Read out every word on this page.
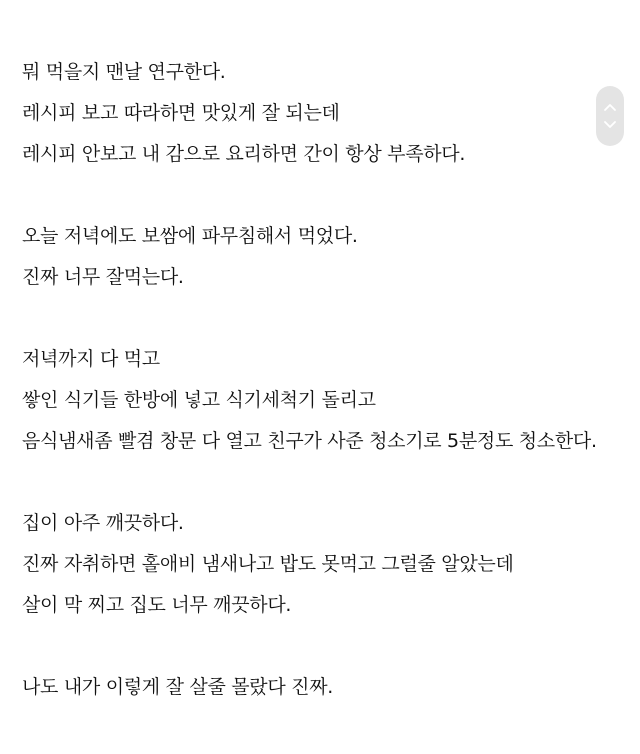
뭐 먹을지 맨날 연구한다.
레시피 보고 따라하면 맛있게 잘 되는데
레시피 안보고 내 감으로 요리하면 간이 항상 부족하다.
오늘 저녁에도 보쌈에 파무침해서 먹었다.
진짜 너무 잘먹는다.
저녁까지 다 먹고
쌓인 식기들 한방에 넣고 식기세척기 돌리고
음식냄새좀 빨겸 창문 다 열고 친구가 사준 청소기로 5분정도 청소한다.
집이 아주 깨끗하다.
진짜 자취하면 홀애비 냄새나고 밥도 못먹고 그럴줄 알았는데
살이 막 찌고 집도 너무 깨끗하다.
나도 내가 이렇게 잘 살줄 몰랐다 진짜.
